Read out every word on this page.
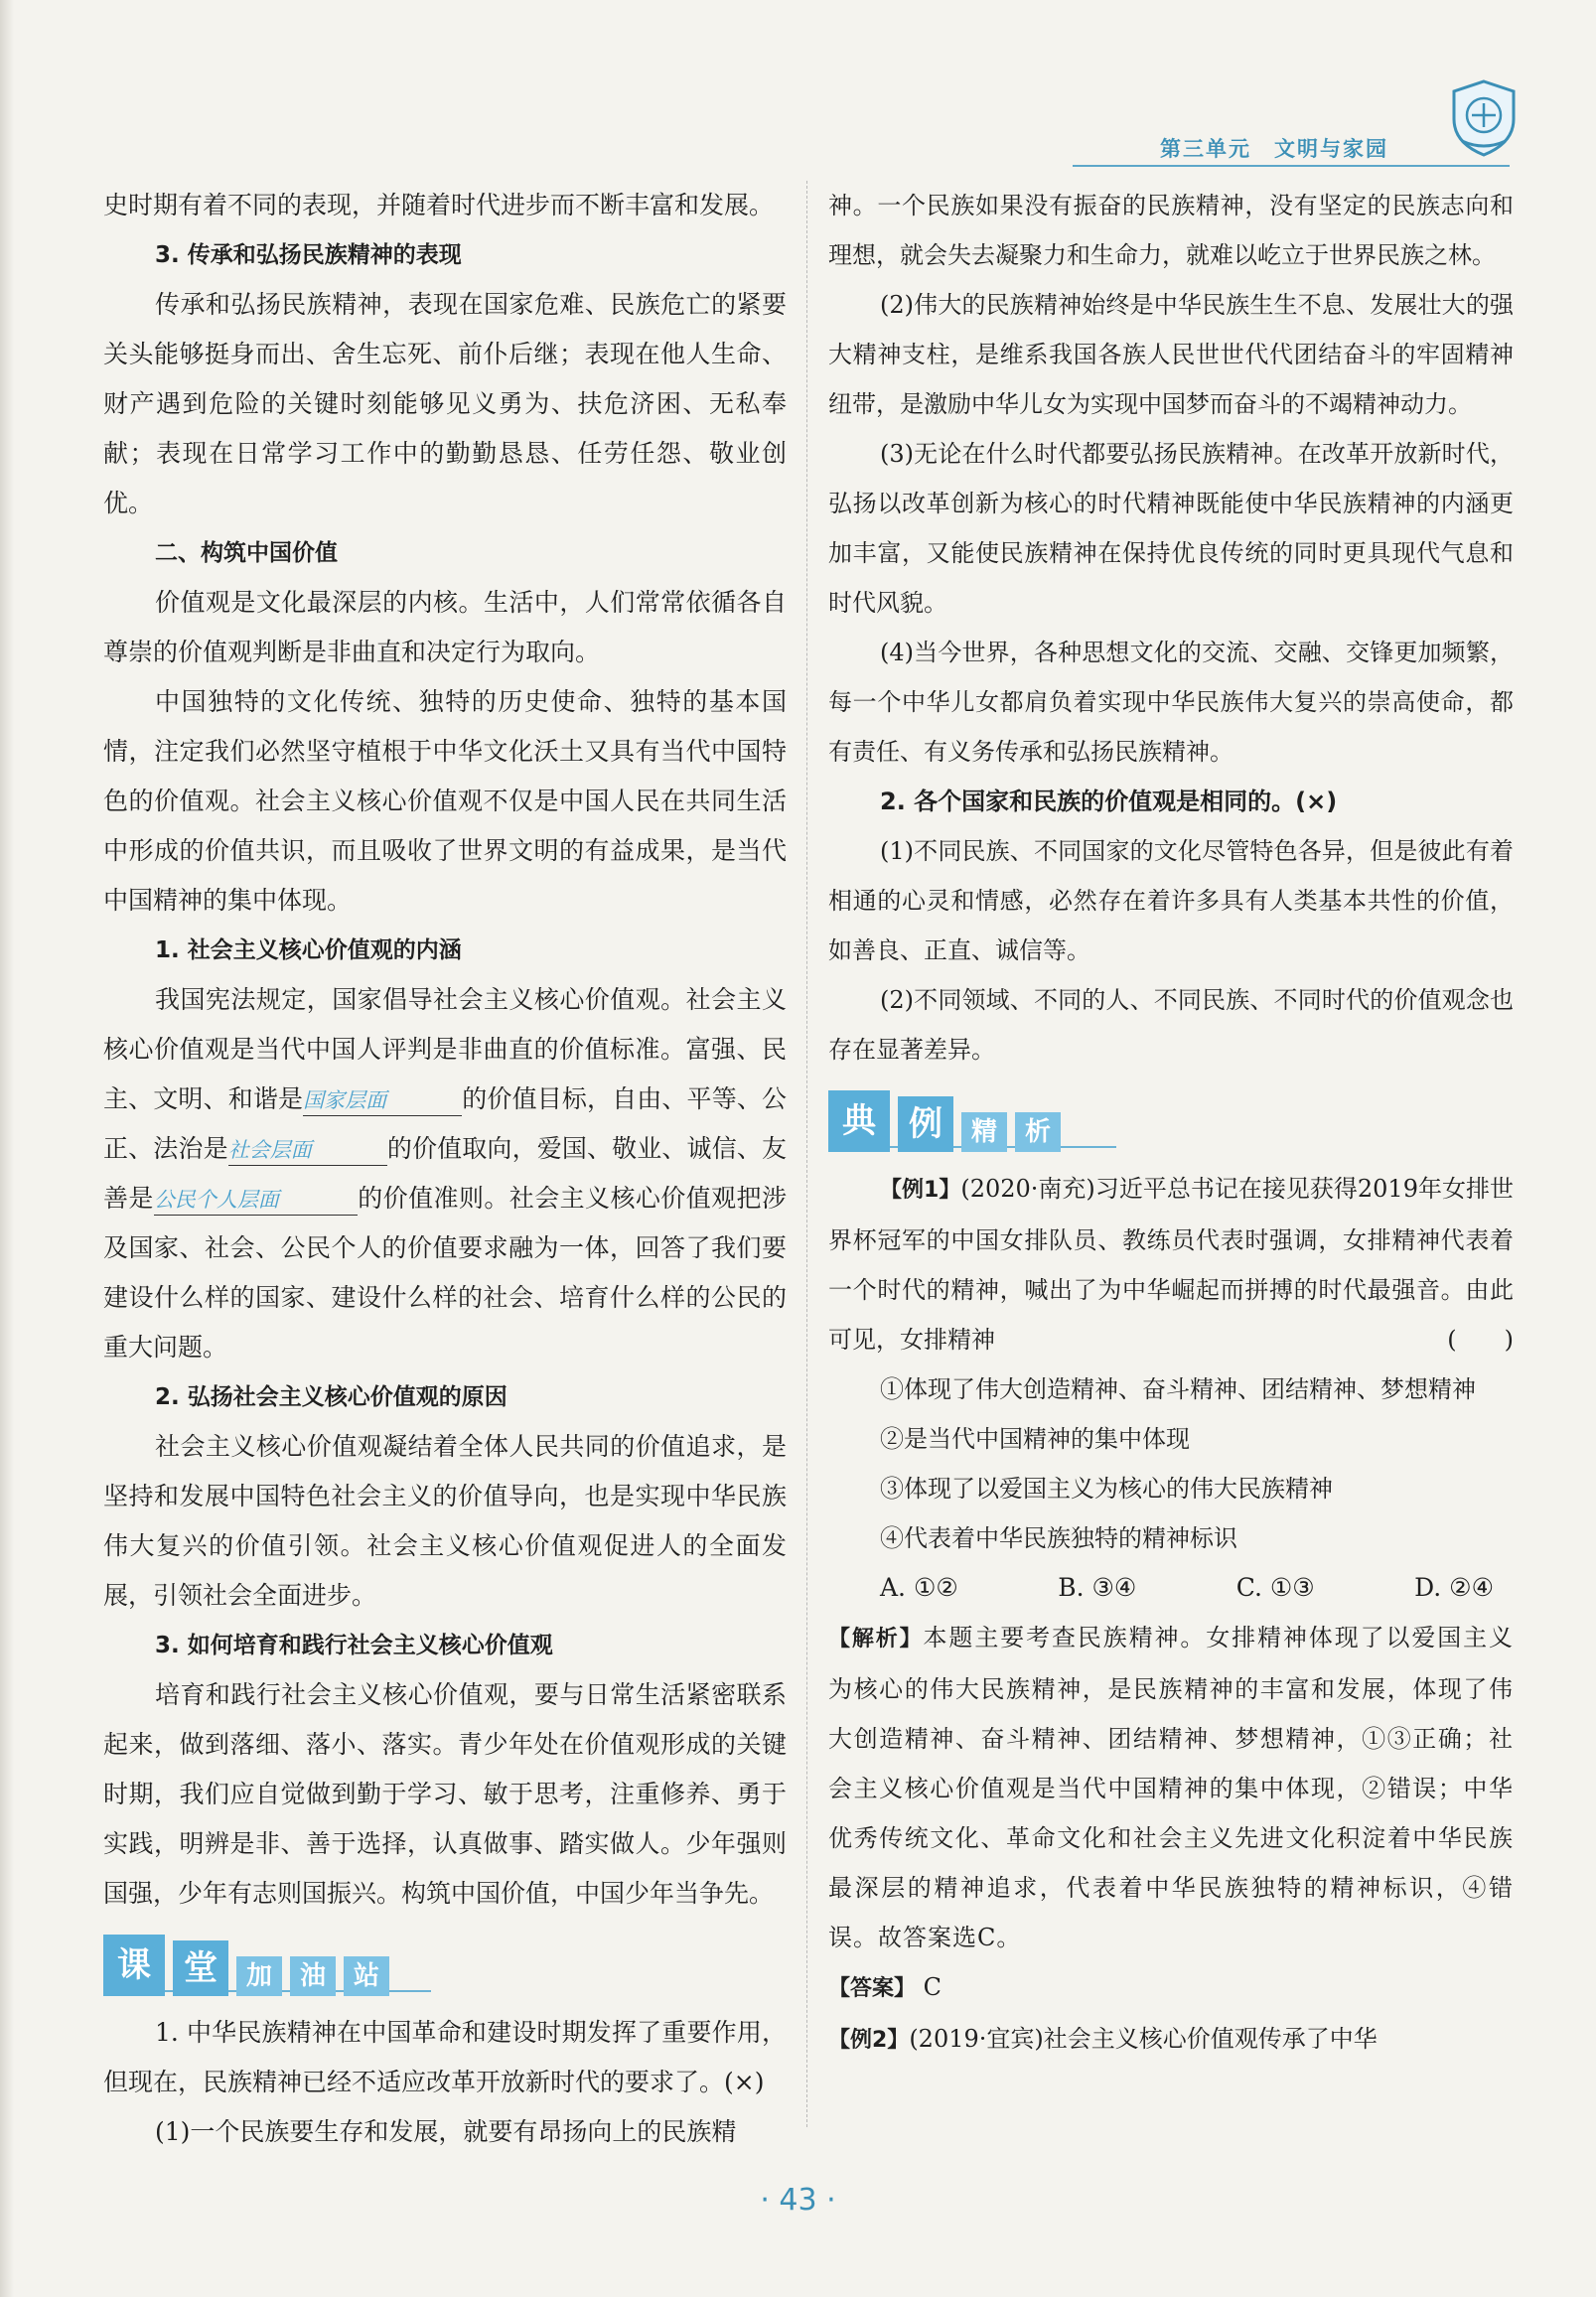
第三单元　文明与家园

史时期有着不同的表现，并随着时代进步而不断丰富和发展。

3. 传承和弘扬民族精神的表现

传承和弘扬民族精神，表现在国家危难、民族危亡的紧要关头能够挺身而出、舍生忘死、前仆后继；表现在他人生命、财产遇到危险的关键时刻能够见义勇为、扶危济困、无私奉献；表现在日常学习工作中的勤勤恳恳、任劳任怨、敬业创优。

二、构筑中国价值

价值观是文化最深层的内核。生活中，人们常常依循各自尊崇的价值观判断是非曲直和决定行为取向。

中国独特的文化传统、独特的历史使命、独特的基本国情，注定我们必然坚守植根于中华文化沃土又具有当代中国特色的价值观。社会主义核心价值观不仅是中国人民在共同生活中形成的价值共识，而且吸收了世界文明的有益成果，是当代中国精神的集中体现。

1. 社会主义核心价值观的内涵

我国宪法规定，国家倡导社会主义核心价值观。社会主义核心价值观是当代中国人评判是非曲直的价值标准。富强、民主、文明、和谐是国家层面	的价值目标，自由、平等、公正、法治是社会层面	的价值取向，爱国、敬业、诚信、友善是公民个人层面	的价值准则。社会主义核心价值观把涉及国家、社会、公民个人的价值要求融为一体，回答了我们要建设什么样的国家、建设什么样的社会、培育什么样的公民的重大问题。

2. 弘扬社会主义核心价值观的原因

社会主义核心价值观凝结着全体人民共同的价值追求，是坚持和发展中国特色社会主义的价值导向，也是实现中华民族伟大复兴的价值引领。社会主义核心价值观促进人的全面发展，引领社会全面进步。

3. 如何培育和践行社会主义核心价值观

培育和践行社会主义核心价值观，要与日常生活紧密联系起来，做到落细、落小、落实。青少年处在价值观形成的关键时期，我们应自觉做到勤于学习、敏于思考，注重修养、勇于实践，明辨是非、善于选择，认真做事、踏实做人。少年强则国强，少年有志则国振兴。构筑中国价值，中国少年当争先。

课 堂	加	油	站

1. 中华民族精神在中国革命和建设时期发挥了重要作用，但现在，民族精神已经不适应改革开放新时代的要求了。(×)

(1)一个民族要生存和发展，就要有昂扬向上的民族精

神。一个民族如果没有振奋的民族精神，没有坚定的民族志向和理想，就会失去凝聚力和生命力，就难以屹立于世界民族之林。

(2)伟大的民族精神始终是中华民族生生不息、发展壮大的强大精神支柱，是维系我国各族人民世世代代团结奋斗的牢固精神纽带，是激励中华儿女为实现中国梦而奋斗的不竭精神动力。

(3)无论在什么时代都要弘扬民族精神。在改革开放新时代，弘扬以改革创新为核心的时代精神既能使中华民族精神的内涵更加丰富，又能使民族精神在保持优良传统的同时更具现代气息和时代风貌。

(4)当今世界，各种思想文化的交流、交融、交锋更加频繁，每一个中华儿女都肩负着实现中华民族伟大复兴的崇高使命，都有责任、有义务传承和弘扬民族精神。

2. 各个国家和民族的价值观是相同的。(×)

(1)不同民族、不同国家的文化尽管特色各异，但是彼此有着相通的心灵和情感，必然存在着许多具有人类基本共性的价值，如善良、正直、诚信等。

(2)不同领域、不同的人、不同民族、不同时代的价值观念也存在显著差异。

典 例	精	析

【例1】(2020·南充)习近平总书记在接见获得2019年女排世界杯冠军的中国女排队员、教练员代表时强调，女排精神代表着一个时代的精神，喊出了为中华崛起而拼搏的时代最强音。由此可见，女排精神	(　　)

①体现了伟大创造精神、奋斗精神、团结精神、梦想精神

②是当代中国精神的集中体现

③体现了以爱国主义为核心的伟大民族精神

④代表着中华民族独特的精神标识

A. ①②	B. ③④	C. ①③	D. ②④

【解析】本题主要考查民族精神。女排精神体现了以爱国主义为核心的伟大民族精神，是民族精神的丰富和发展，体现了伟大创造精神、奋斗精神、团结精神、梦想精神，①③正确；社会主义核心价值观是当代中国精神的集中体现，②错误；中华优秀传统文化、革命文化和社会主义先进文化积淀着中华民族最深层的精神追求，代表着中华民族独特的精神标识，④错误。故答案选C。

【答案】 C

【例2】(2019·宜宾)社会主义核心价值观传承了中华

· 43 ·
